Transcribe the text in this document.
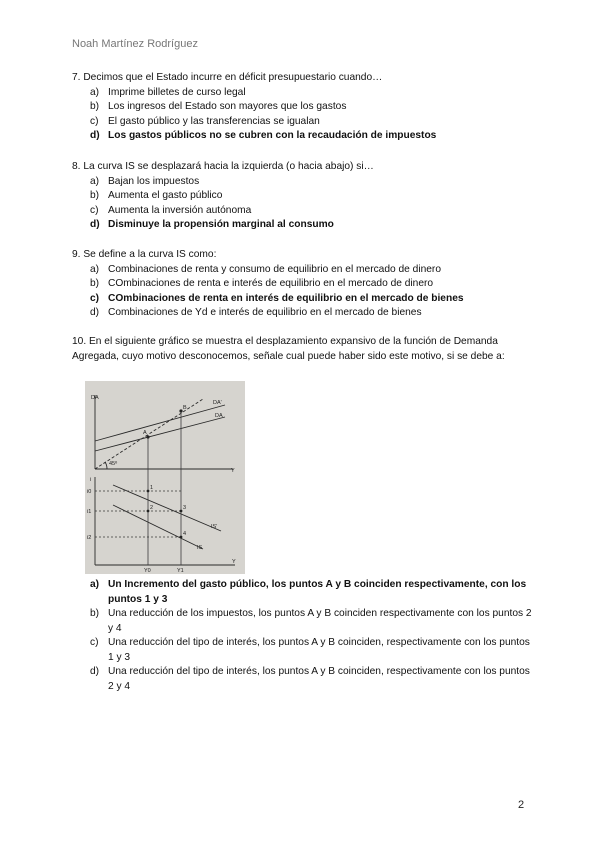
Noah Martínez Rodríguez

7. Decimos que el Estado incurre en déficit presupuestario cuando…

a) Imprime billetes de curso legal
b) Los ingresos del Estado son mayores que los gastos
c) El gasto público y las transferencias se igualan
d) Los gastos públicos no se cubren con la recaudación de impuestos

8. La curva IS se desplazará hacia la izquierda (o hacia abajo) si…

a) Bajan los impuestos
b) Aumenta el gasto público
c) Aumenta la inversión autónoma
d) Disminuye la propensión marginal al consumo

9. Se define a la curva IS como:

a) Combinaciones de renta y consumo de equilibrio en el mercado de dinero
b) COmbinaciones de renta e interés de equilibrio en el mercado de dinero
c) COmbinaciones de renta en interés de equilibrio en el mercado de bienes
d) Combinaciones de Yd e interés de equilibrio en el mercado de bienes

10. En el siguiente gráfico se muestra el desplazamiento expansivo de la función de Demanda Agregada, cuyo motivo desconocemos, señale cual puede haber sido este motivo, si se debe a:

DA
DA'
DA
45º
A
B
Y
i
1
2	3
4
IS'
IS
Y0	Y1
Y
i0
i1
i2
a) Un Incremento del gasto público, los puntos A y B coinciden respectivamente, con los puntos 1 y 3
b) Una reducción de los impuestos, los puntos A y B coinciden respectivamente con los puntos 2 y 4
c) Una reducción del tipo de interés, los puntos A y B coinciden, respectivamente con los puntos 1 y 3
d) Una reducción del tipo de interés, los puntos A y B coinciden, respectivamente con los puntos 2 y 4
2
